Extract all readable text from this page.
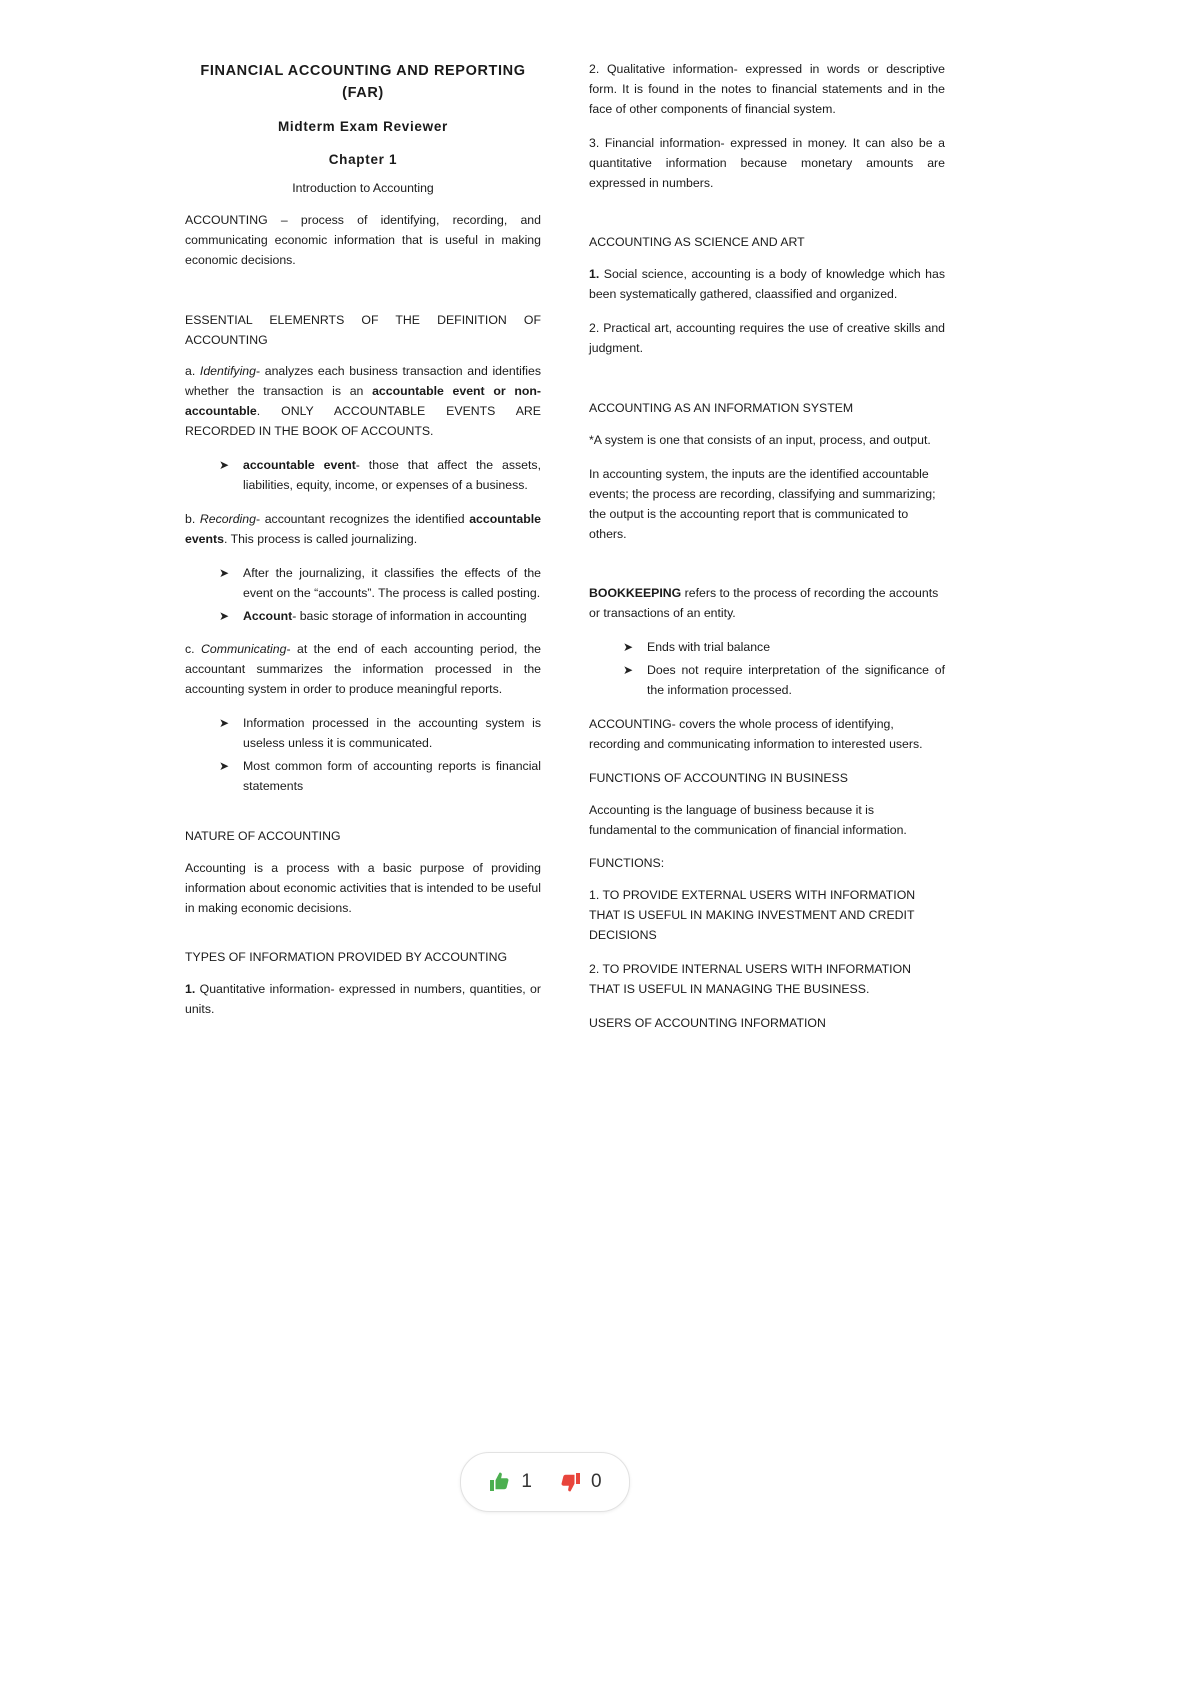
FINANCIAL ACCOUNTING AND REPORTING (FAR)
Midterm Exam Reviewer
Chapter 1
Introduction to Accounting

ACCOUNTING – process of identifying, recording, and communicating economic information that is useful in making economic decisions.

ESSENTIAL ELEMENRTS OF THE DEFINITION OF ACCOUNTING

a. Identifying- analyzes each business transaction and identifies whether the transaction is an accountable event or non-accountable. ONLY ACCOUNTABLE EVENTS ARE RECORDED IN THE BOOK OF ACCOUNTS.

➤ accountable event- those that affect the assets, liabilities, equity, income, or expenses of a business.

b. Recording- accountant recognizes the identified accountable events. This process is called journalizing.

➤ After the journalizing, it classifies the effects of the event on the “accounts”. The process is called posting.
➤ Account- basic storage of information in accounting

c. Communicating- at the end of each accounting period, the accountant summarizes the information processed in the accounting system in order to produce meaningful reports.

➤ Information processed in the accounting system is useless unless it is communicated.
➤ Most common form of accounting reports is financial statements
NATURE OF ACCOUNTING

Accounting is a process with a basic purpose of providing information about economic activities that is intended to be useful in making economic decisions.

TYPES OF INFORMATION PROVIDED BY ACCOUNTING

1. Quantitative information- expressed in numbers, quantities, or units.

2. Qualitative information- expressed in words or descriptive form. It is found in the notes to financial statements and in the face of other components of financial system.

3. Financial information- expressed in money. It can also be a quantitative information because monetary amounts are expressed in numbers.

ACCOUNTING AS SCIENCE AND ART

1. Social science, accounting is a body of knowledge which has been systematically gathered, claassified and organized.

2. Practical art, accounting requires the use of creative skills and judgment.

ACCOUNTING AS AN INFORMATION SYSTEM

*A system is one that consists of an input, process, and output.

In accounting system, the inputs are the identified accountable events; the process are recording, classifying and summarizing; the output is the accounting report that is communicated to others.

BOOKKEEPING refers to the process of recording the accounts or transactions of an entity.

➤ Ends with trial balance
➤ Does not require interpretation of the significance of the information processed.

ACCOUNTING- covers the whole process of identifying, recording and communicating information to interested users.

FUNCTIONS OF ACCOUNTING IN BUSINESS

Accounting is the language of business because it is fundamental to the communication of financial information.

FUNCTIONS:

1. TO PROVIDE EXTERNAL USERS WITH INFORMATION THAT IS USEFUL IN MAKING INVESTMENT AND CREDIT DECISIONS

2. TO PROVIDE INTERNAL USERS WITH INFORMATION THAT IS USEFUL IN MANAGING THE BUSINESS.

USERS OF ACCOUNTING INFORMATION
1	0
